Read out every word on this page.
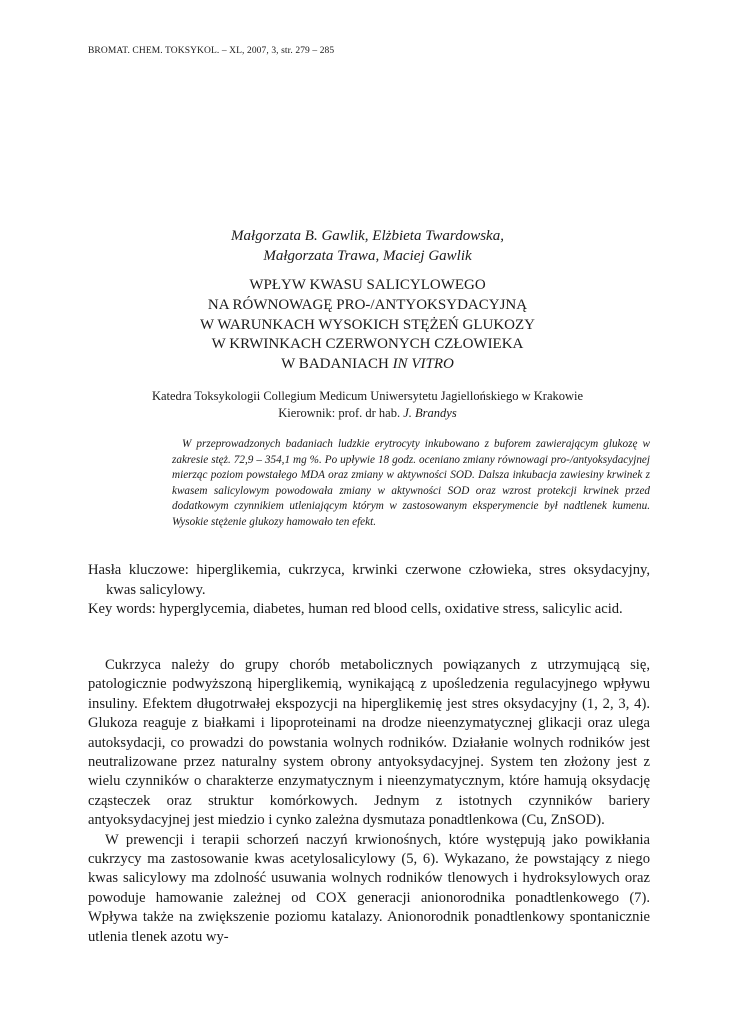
BROMAT. CHEM. TOKSYKOL. – XL, 2007, 3, str. 279 – 285
Małgorzata B. Gawlik, Elżbieta Twardowska,
Małgorzata Trawa, Maciej Gawlik
WPŁYW KWASU SALICYLOWEGO
NA RÓWNOWAGĘ PRO-/ANTYOKSYDACYJNĄ
W WARUNKACH WYSOKICH STĘŻEŃ GLUKOZY
W KRWINKACH CZERWONYCH CZŁOWIEKA
W BADANIACH IN VITRO
Katedra Toksykologii Collegium Medicum Uniwersytetu Jagiellońskiego w Krakowie
Kierownik: prof. dr hab. J. Brandys

W przeprowadzonych badaniach ludzkie erytrocyty inkubowano z buforem zawierającym glukozę w zakresie stęż. 72,9 – 354,1 mg %. Po upływie 18 godz. oceniano zmiany równowagi pro-/antyoksydacyjnej mierząc poziom powstałego MDA oraz zmiany w aktywności SOD. Dalsza inkubacja zawiesiny krwinek z kwasem salicylowym powodowała zmiany w aktywności SOD oraz wzrost protekcji krwinek przed dodatkowym czynnikiem utleniającym którym w zastosowanym eksperymencie był nadtlenek kumenu. Wysokie stężenie glukozy hamowało ten efekt.

Hasła kluczowe: hiperglikemia, cukrzyca, krwinki czerwone człowieka, stres oksydacyjny, kwas salicylowy.

Key words: hyperglycemia, diabetes, human red blood cells, oxidative stress, salicylic acid.

Cukrzyca należy do grupy chorób metabolicznych powiązanych z utrzymującą się, patologicznie podwyższoną hiperglikemią, wynikającą z upośledzenia regulacyjnego wpływu insuliny. Efektem długotrwałej ekspozycji na hiperglikemię jest stres oksydacyjny (1, 2, 3, 4). Glukoza reaguje z białkami i lipoproteinami na drodze nieenzymatycznej glikacji oraz ulega autoksydacji, co prowadzi do powstania wolnych rodników. Działanie wolnych rodników jest neutralizowane przez naturalny system obrony antyoksydacyjnej. System ten złożony jest z wielu czynników o charakterze enzymatycznym i nieenzymatycznym, które hamują oksydację cząsteczek oraz struktur komórkowych. Jednym z istotnych czynników bariery antyoksydacyjnej jest miedzio i cynko zależna dysmutaza ponadtlenkowa (Cu, ZnSOD).

W prewencji i terapii schorzeń naczyń krwionośnych, które występują jako powikłania cukrzycy ma zastosowanie kwas acetylosalicylowy (5, 6). Wykazano, że powstający z niego kwas salicylowy ma zdolność usuwania wolnych rodników tlenowych i hydroksylowych oraz powoduje hamowanie zależnej od COX generacji anionorodnika ponadtlenkowego (7). Wpływa także na zwiększenie poziomu katalazy. Anionorodnik ponadtlenkowy spontanicznie utlenia tlenek azotu wy-
